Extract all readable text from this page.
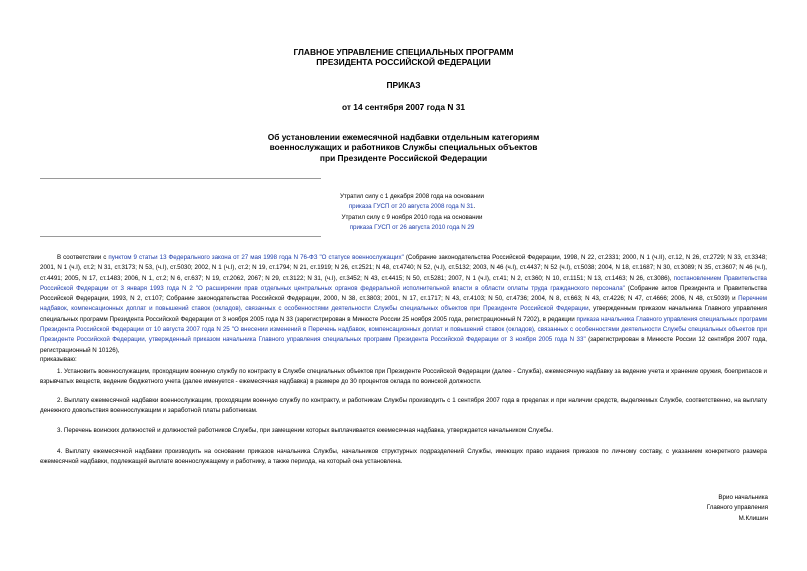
ГЛАВНОЕ УПРАВЛЕНИЕ СПЕЦИАЛЬНЫХ ПРОГРАММ

ПРЕЗИДЕНТА РОССИЙСКОЙ ФЕДЕРАЦИИ

ПРИКАЗ

от 14 сентября 2007 года N 31

Об установлении ежемесячной надбавки отдельным категориям

военнослужащих и работников Службы специальных объектов

при Президенте Российской Федерации

Утратил силу с 1 декабря 2008 года на основании
приказа ГУСП от 20 августа 2008 года N 31.
Утратил силу с 9 ноября 2010 года на основании
приказа ГУСП от 26 августа 2010 года N 29

В соответствии с пунктом 9 статьи 13 Федерального закона от 27 мая 1998 года N 76-ФЗ "О статусе военнослужащих" (Собрание законодательства Российской Федерации, 1998, N 22, ст.2331; 2000, N 1 (ч.II), ст.12, N 26, ст.2729; N 33, ст.3348; 2001, N 1 (ч.I), ст.2; N 31, ст.3173; N 53, (ч.I), ст.5030; 2002, N 1 (ч.I), ст.2; N 19, ст.1794; N 21, ст.1919; N 26, ст.2521; N 48, ст.4740; N 52, (ч.I), ст.5132; 2003, N 46 (ч.I), ст.4437; N 52 (ч.I), ст.5038; 2004, N 18, ст.1687; N 30, ст.3089; N 35, ст.3607; N 46 (ч.I), ст.4491; 2005, N 17, ст.1483; 2006, N 1, ст.2; N 6, ст.637; N 19, ст.2062, 2067; N 29, ст.3122; N 31, (ч.I), ст.3452; N 43, ст.4415; N 50, ст.5281; 2007, N 1 (ч.I), ст.41; N 2, ст.360; N 10, ст.1151; N 13, ст.1463; N 26, ст.3086), постановлением Правительства Российской Федерации от 3 января 1993 года N 2 "О расширении прав отдельных центральных органов федеральной исполнительной власти в области оплаты труда гражданского персонала" (Собрание актов Президента и Правительства Российской Федерации, 1993, N 2, ст.107; Собрание законодательства Российской Федерации, 2000, N 38, ст.3803; 2001, N 17, ст.1717; N 43, ст.4103; N 50, ст.4736; 2004, N 8, ст.663; N 43, ст.4226; N 47, ст.4666; 2006, N 48, ст.5039) и Перечнем надбавок, компенсационных доплат и повышений ставок (окладов), связанных с особенностями деятельности Службы специальных объектов при Президенте Российской Федерации, утвержденным приказом начальника Главного управления специальных программ Президента Российской Федерации от 3 ноября 2005 года N 33 (зарегистрирован в Минюсте России 25 ноября 2005 года, регистрационный N 7202), в редакции приказа начальника Главного управления специальных программ Президента Российской Федерации от 10 августа 2007 года N 25 "О внесении изменений в Перечень надбавок, компенсационных доплат и повышений ставок (окладов), связанных с особенностями деятельности Службы специальных объектов при Президенте Российской Федерации, утвержденный приказом начальника Главного управления специальных программ Президента Российской Федерации от 3 ноября 2005 года N 33" (зарегистрирован в Минюсте России 12 сентября 2007 года, регистрационный N 10126),

приказываю:

1. Установить военнослужащим, проходящим военную службу по контракту в Службе специальных объектов при Президенте Российской Федерации (далее - Служба), ежемесячную надбавку за ведение учета и хранение оружия, боеприпасов и взрывчатых веществ, ведение бюджетного учета (далее именуется - ежемесячная надбавка) в размере до 30 процентов оклада по воинской должности.

2. Выплату ежемесячной надбавки военнослужащим, проходящим военную службу по контракту, и работникам Службы производить с 1 сентября 2007 года в пределах и при наличии средств, выделяемых Службе, соответственно, на выплату денежного довольствия военнослужащим и заработной платы работникам.

3. Перечень воинских должностей и должностей работников Службы, при замещении которых выплачивается ежемесячная надбавка, утверждается начальником Службы.

4. Выплату ежемесячной надбавки производить на основании приказов начальника Службы, начальников структурных подразделений Службы, имеющих право издания приказов по личному составу, с указанием конкретного размера ежемесячной надбавки, подлежащей выплате военнослужащему и работнику, а также периода, на который она установлена.

Врио начальника
Главного управления
М.Клишин
